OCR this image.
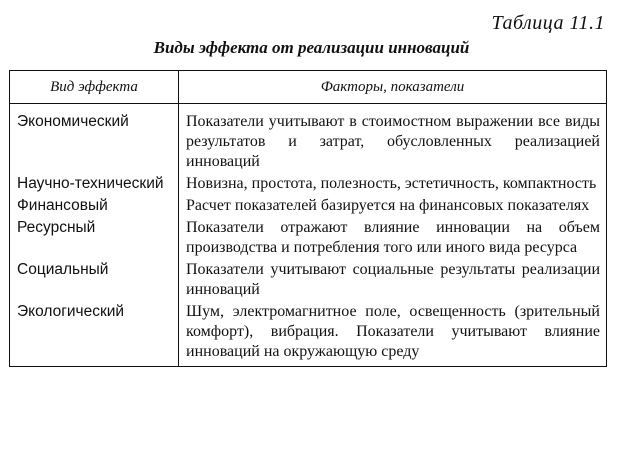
Таблица 11.1
Виды эффекта от реализации инноваций
Вид эффекта	Факторы, показатели
Экономический	Показатели учитывают в стоимостном выражении все виды результатов и затрат, обусловленных реализацией инноваций
Научно-технический	Новизна, простота, полезность, эстетичность, компактность
Финансовый	Расчет показателей базируется на финансовых показателях
Ресурсный	Показатели отражают влияние инновации на объем производства и потребления того или иного вида ресурса
Социальный	Показатели учитывают социальные результаты реализации инноваций
Экологический	Шум, электромагнитное поле, освещенность (зрительный комфорт), вибрация. Показатели учитывают влияние инноваций на окружающую среду
